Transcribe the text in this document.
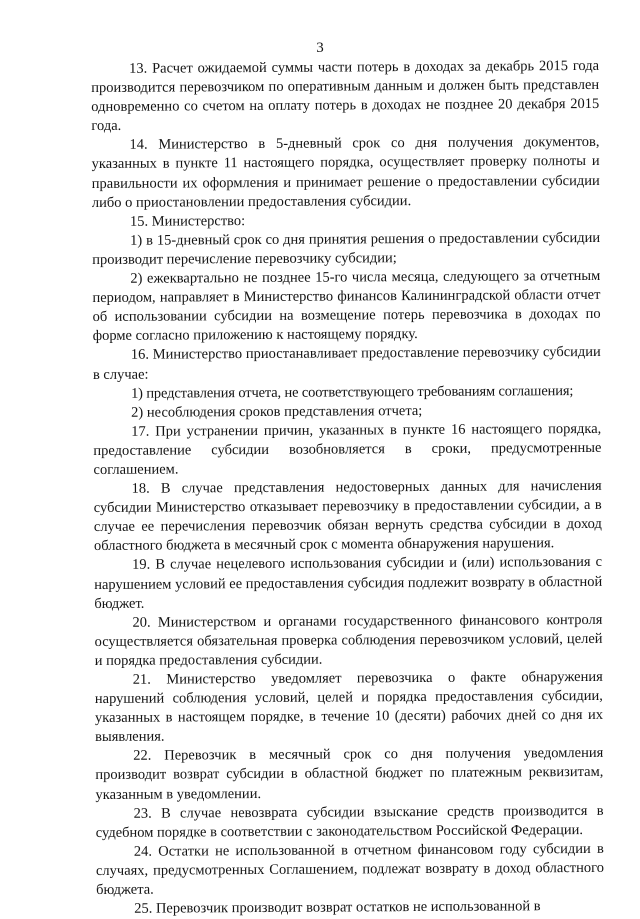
3

13. Расчет ожидаемой суммы части потерь в доходах за декабрь 2015 года производится перевозчиком по оперативным данным и должен быть представлен одновременно со счетом на оплату потерь в доходах не позднее 20 декабря 2015 года.

14. Министерство в 5-дневный срок со дня получения документов, указанных в пункте 11 настоящего порядка, осуществляет проверку полноты и правильности их оформления и принимает решение о предоставлении субсидии либо о приостановлении предоставления субсидии.

15. Министерство:

1) в 15-дневный срок со дня принятия решения о предоставлении субсидии производит перечисление перевозчику субсидии;

2) ежеквартально не позднее 15-го числа месяца, следующего за отчетным периодом, направляет в Министерство финансов Калининградской области отчет об использовании субсидии на возмещение потерь перевозчика в доходах по форме согласно приложению к настоящему порядку.

16. Министерство приостанавливает предоставление перевозчику субсидии в случае:

1) представления отчета, не соответствующего требованиям соглашения;

2) несоблюдения сроков представления отчета;

17. При устранении причин, указанных в пункте 16 настоящего порядка, предоставление субсидии возобновляется в сроки, предусмотренные соглашением.

18. В случае представления недостоверных данных для начисления субсидии Министерство отказывает перевозчику в предоставлении субсидии, а в случае ее перечисления перевозчик обязан вернуть средства субсидии в доход областного бюджета в месячный срок с момента обнаружения нарушения.

19. В случае нецелевого использования субсидии и (или) использования с нарушением условий ее предоставления субсидия подлежит возврату в областной бюджет.

20. Министерством и органами государственного финансового контроля осуществляется обязательная проверка соблюдения перевозчиком условий, целей и порядка предоставления субсидии.

21. Министерство уведомляет перевозчика о факте обнаружения нарушений соблюдения условий, целей и порядка предоставления субсидии, указанных в настоящем порядке, в течение 10 (десяти) рабочих дней со дня их выявления.

22. Перевозчик в месячный срок со дня получения уведомления производит возврат субсидии в областной бюджет по платежным реквизитам, указанным в уведомлении.

23. В случае невозврата субсидии взыскание средств производится в судебном порядке в соответствии с законодательством Российской Федерации.

24. Остатки не использованной в отчетном финансовом году субсидии в случаях, предусмотренных Соглашением, подлежат возврату в доход областного бюджета.

25. Перевозчик производит возврат остатков не использованной в
